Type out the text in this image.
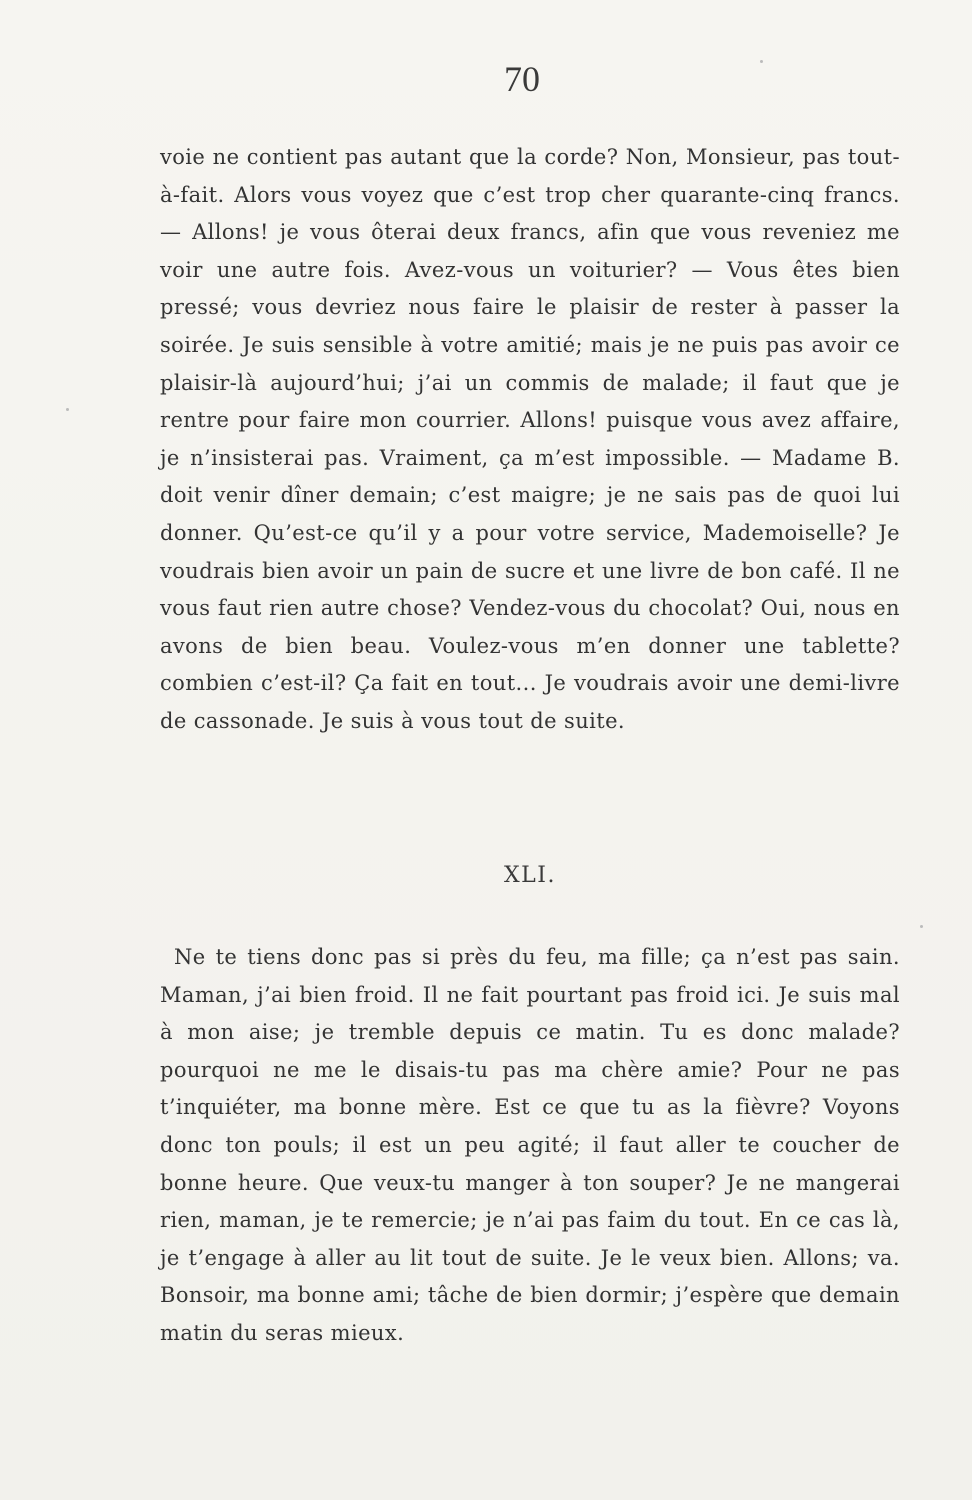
70

voie ne contient pas autant que la corde? Non, Monsieur, pas tout-à-fait. Alors vous voyez que c’est trop cher quarante-cinq francs. — Allons! je vous ôterai deux francs, afin que vous reveniez me voir une autre fois. Avez-vous un voiturier? — Vous êtes bien pressé; vous devriez nous faire le plaisir de rester à passer la soirée. Je suis sensible à votre amitié; mais je ne puis pas avoir ce plaisir-là aujourd’hui; j’ai un commis de malade; il faut que je rentre pour faire mon courrier. Allons! puisque vous avez affaire, je n’insisterai pas. Vraiment, ça m’est impossible. — Madame B. doit venir dîner demain; c’est maigre; je ne sais pas de quoi lui donner. Qu’est-ce qu’il y a pour votre service, Mademoiselle? Je voudrais bien avoir un pain de sucre et une livre de bon café. Il ne vous faut rien autre chose? Vendez-vous du chocolat? Oui, nous en avons de bien beau. Voulez-vous m’en donner une tablette? combien c’est-il? Ça fait en tout... Je voudrais avoir une demi-livre de cassonade. Je suis à vous tout de suite.

XLI.

Ne te tiens donc pas si près du feu, ma fille; ça n’est pas sain. Maman, j’ai bien froid. Il ne fait pourtant pas froid ici. Je suis mal à mon aise; je tremble depuis ce matin. Tu es donc malade? pourquoi ne me le disais-tu pas ma chère amie? Pour ne pas t’inquiéter, ma bonne mère. Est ce que tu as la fièvre? Voyons donc ton pouls; il est un peu agité; il faut aller te coucher de bonne heure. Que veux-tu manger à ton souper? Je ne mangerai rien, maman, je te remercie; je n’ai pas faim du tout. En ce cas là, je t’engage à aller au lit tout de suite. Je le veux bien. Allons; va. Bonsoir, ma bonne ami; tâche de bien dormir; j’espère que demain matin du seras mieux.
